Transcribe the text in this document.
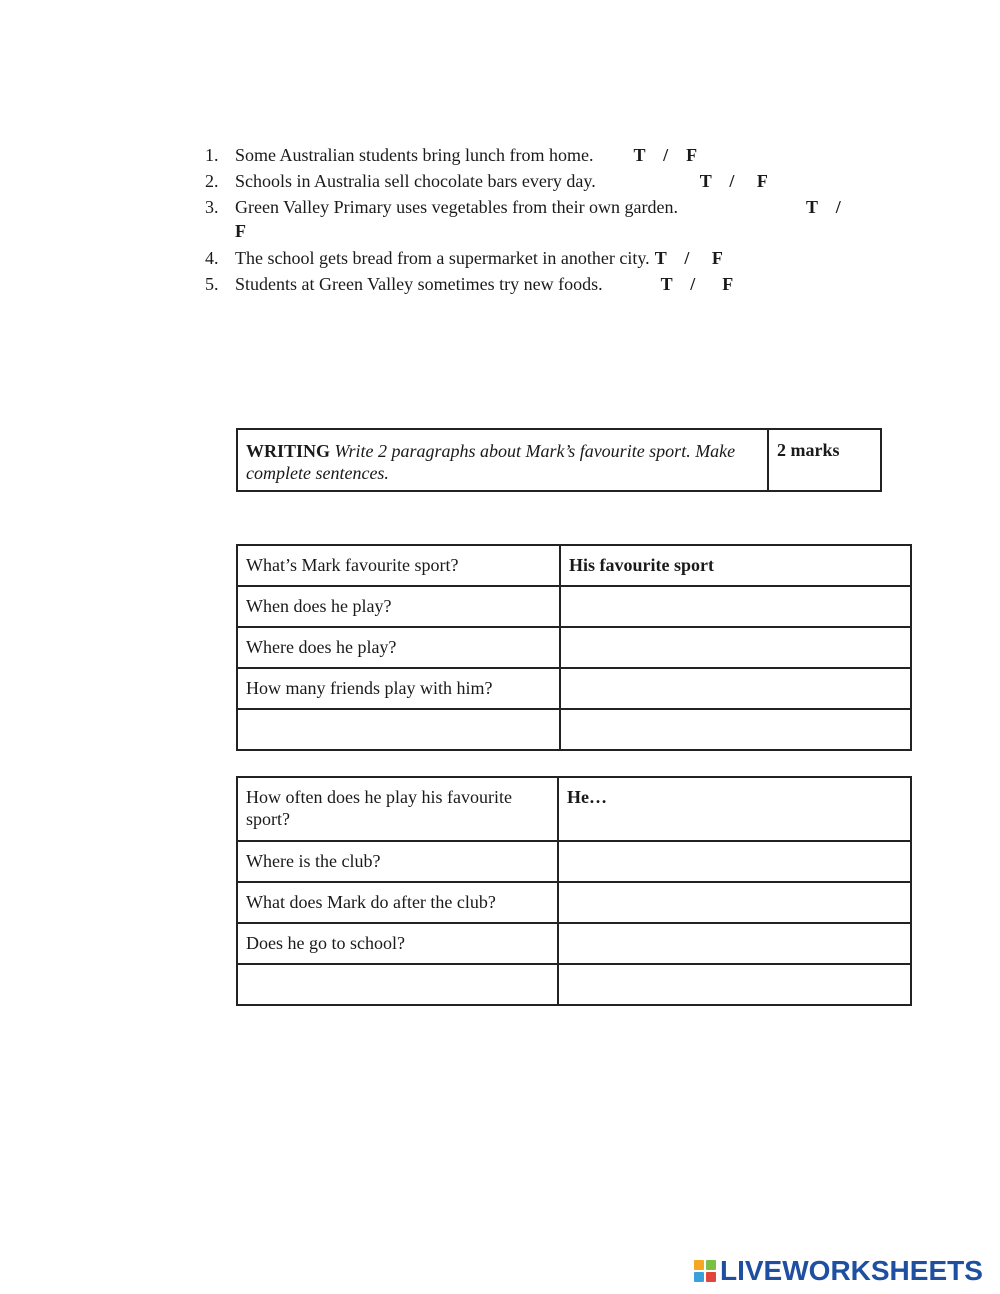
1. Some Australian students bring lunch from home. T    /    F
2. Schools in Australia sell chocolate bars every day.	T    /     F
3. Green Valley Primary uses vegetables from their own garden.	T    /
F
4. The school gets bread from a supermarket in another city. T    /     F
5. Students at Green Valley sometimes try new foods.	T    /      F
WRITING Write 2 paragraphs about Mark’s favourite sport. Make complete sentences.
2 marks
What’s Mark favourite sport?	His favourite sport
When does he play?	
Where does he play?	
How many friends play with him?	

How often does he play his favourite sport?	He…
Where is the club?	
What does Mark do after the club?	
Does he go to school?	

LIVEWORKSHEETS
